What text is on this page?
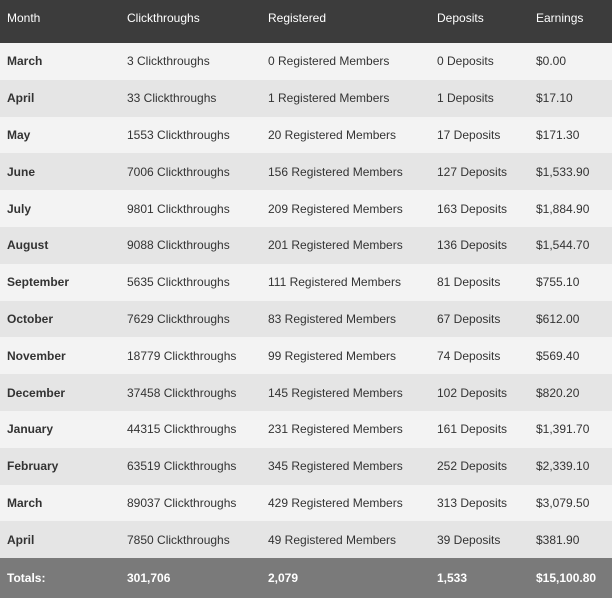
Month	Clickthroughs	Registered	Deposits	Earnings
March	3 Clickthroughs	0 Registered Members	0 Deposits	$0.00
April	33 Clickthroughs	1 Registered Members	1 Deposits	$17.10
May	1553 Clickthroughs	20 Registered Members	17 Deposits	$171.30
June	7006 Clickthroughs	156 Registered Members	127 Deposits	$1,533.90
July	9801 Clickthroughs	209 Registered Members	163 Deposits	$1,884.90
August	9088 Clickthroughs	201 Registered Members	136 Deposits	$1,544.70
September	5635 Clickthroughs	111 Registered Members	81 Deposits	$755.10
October	7629 Clickthroughs	83 Registered Members	67 Deposits	$612.00
November	18779 Clickthroughs	99 Registered Members	74 Deposits	$569.40
December	37458 Clickthroughs	145 Registered Members	102 Deposits	$820.20
January	44315 Clickthroughs	231 Registered Members	161 Deposits	$1,391.70
February	63519 Clickthroughs	345 Registered Members	252 Deposits	$2,339.10
March	89037 Clickthroughs	429 Registered Members	313 Deposits	$3,079.50
April	7850 Clickthroughs	49 Registered Members	39 Deposits	$381.90
Totals:	301,706	2,079	1,533	$15,100.80
